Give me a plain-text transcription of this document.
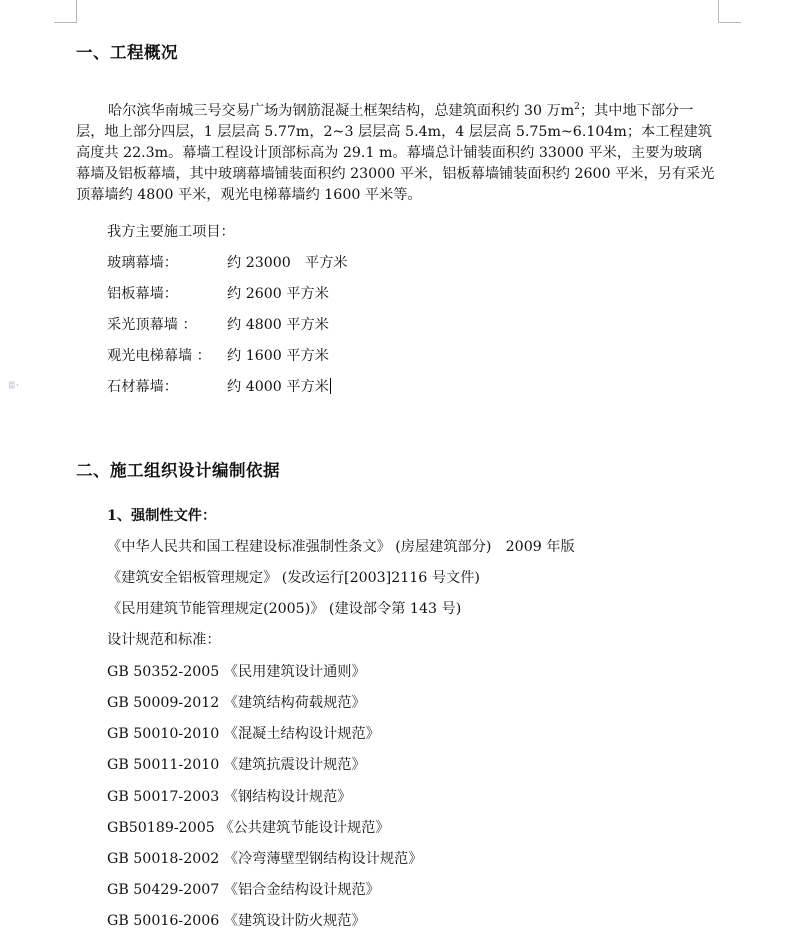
一、工程概况
哈尔滨华南城三号交易广场为钢筋混凝土框架结构，总建筑面积约 30 万$m^2$；其中地下部分一层，地上部分四层，1 层层高 5.77m，2~3 层层高 5.4m，4 层层高 5.75m~6.104m；本工程建筑高度共 22.3m。幕墙工程设计顶部标高为 29.1 m。幕墙总计铺装面积约 33000 平米，主要为玻璃幕墙及铝板幕墙，其中玻璃幕墙铺装面积约 23000 平米，铝板幕墙铺装面积约 2600 平米，另有采光顶幕墙约 4800 平米，观光电梯幕墙约 1600 平米等。
我方主要施工项目：
玻璃幕墙：	约 23000　平方米
铝板幕墙：	约 2600 平方米
采光顶幕墙 ： 约 4800 平方米
观光电梯幕墙 ： 约 1600 平方米
石材幕墙：	约 4000 平方米
二、施工组织设计编制依据
1、强制性文件：
《中华人民共和国工程建设标准强制性条文》 (房屋建筑部分)　2009 年版
《建筑安全铝板管理规定》 (发改运行[2003]2116 号文件)
《民用建筑节能管理规定(2005)》 (建设部令第 143 号)
设计规范和标准：
GB 50352-2005 《民用建筑设计通则》
GB 50009-2012 《建筑结构荷载规范》
GB 50010-2010 《混凝土结构设计规范》
GB 50011-2010 《建筑抗震设计规范》
GB 50017-2003 《钢结构设计规范》
GB50189-2005 《公共建筑节能设计规范》
GB 50018-2002 《冷弯薄壁型钢结构设计规范》
GB 50429-2007 《铝合金结构设计规范》
GB 50016-2006 《建筑设计防火规范》
